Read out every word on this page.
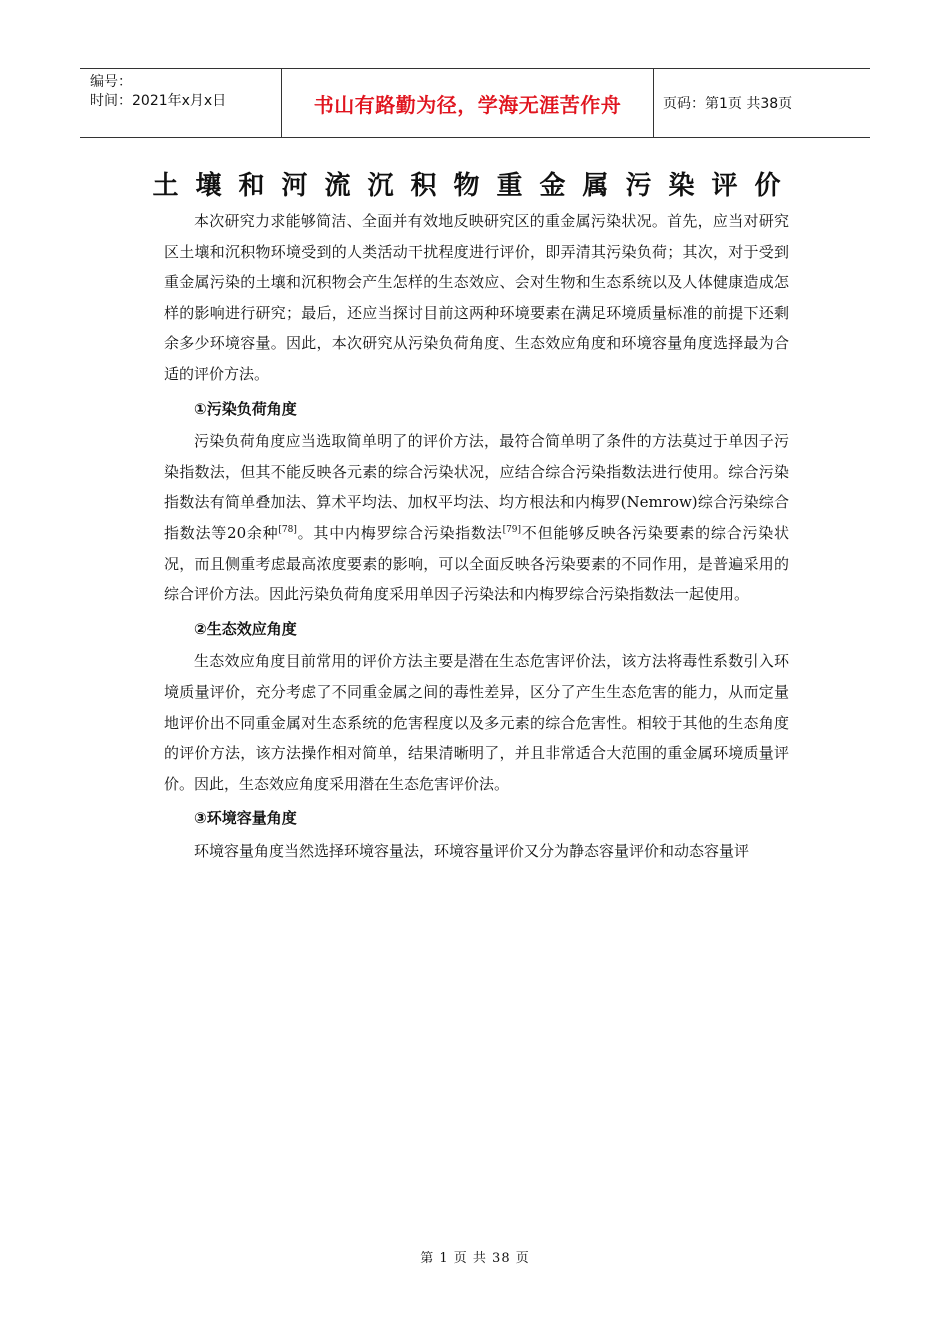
编号：
时间：2021年x月x日	书山有路勤为径，学海无涯苦作舟	页码：第1页 共38页
土壤和河流沉积物重金属污染评价

本次研究力求能够简洁、全面并有效地反映研究区的重金属污染状况。首先，应当对研究区土壤和沉积物环境受到的人类活动干扰程度进行评价，即弄清其污染负荷；其次，对于受到重金属污染的土壤和沉积物会产生怎样的生态效应、会对生物和生态系统以及人体健康造成怎样的影响进行研究；最后，还应当探讨目前这两种环境要素在满足环境质量标准的前提下还剩余多少环境容量。因此，本次研究从污染负荷角度、生态效应角度和环境容量角度选择最为合适的评价方法。

①污染负荷角度

污染负荷角度应当选取简单明了的评价方法，最符合简单明了条件的方法莫过于单因子污染指数法，但其不能反映各元素的综合污染状况，应结合综合污染指数法进行使用。综合污染指数法有简单叠加法、算术平均法、加权平均法、均方根法和内梅罗(Nemrow)综合污染综合指数法等20余种[78]。其中内梅罗综合污染指数法[79]不但能够反映各污染要素的综合污染状况，而且侧重考虑最高浓度要素的影响，可以全面反映各污染要素的不同作用，是普遍采用的综合评价方法。因此污染负荷角度采用单因子污染法和内梅罗综合污染指数法一起使用。

②生态效应角度

生态效应角度目前常用的评价方法主要是潜在生态危害评价法，该方法将毒性系数引入环境质量评价，充分考虑了不同重金属之间的毒性差异，区分了产生生态危害的能力，从而定量地评价出不同重金属对生态系统的危害程度以及多元素的综合危害性。相较于其他的生态角度的评价方法，该方法操作相对简单，结果清晰明了，并且非常适合大范围的重金属环境质量评价。因此，生态效应角度采用潜在生态危害评价法。

③环境容量角度

环境容量角度当然选择环境容量法，环境容量评价又分为静态容量评价和动态容量评

第 1 页 共 38 页
